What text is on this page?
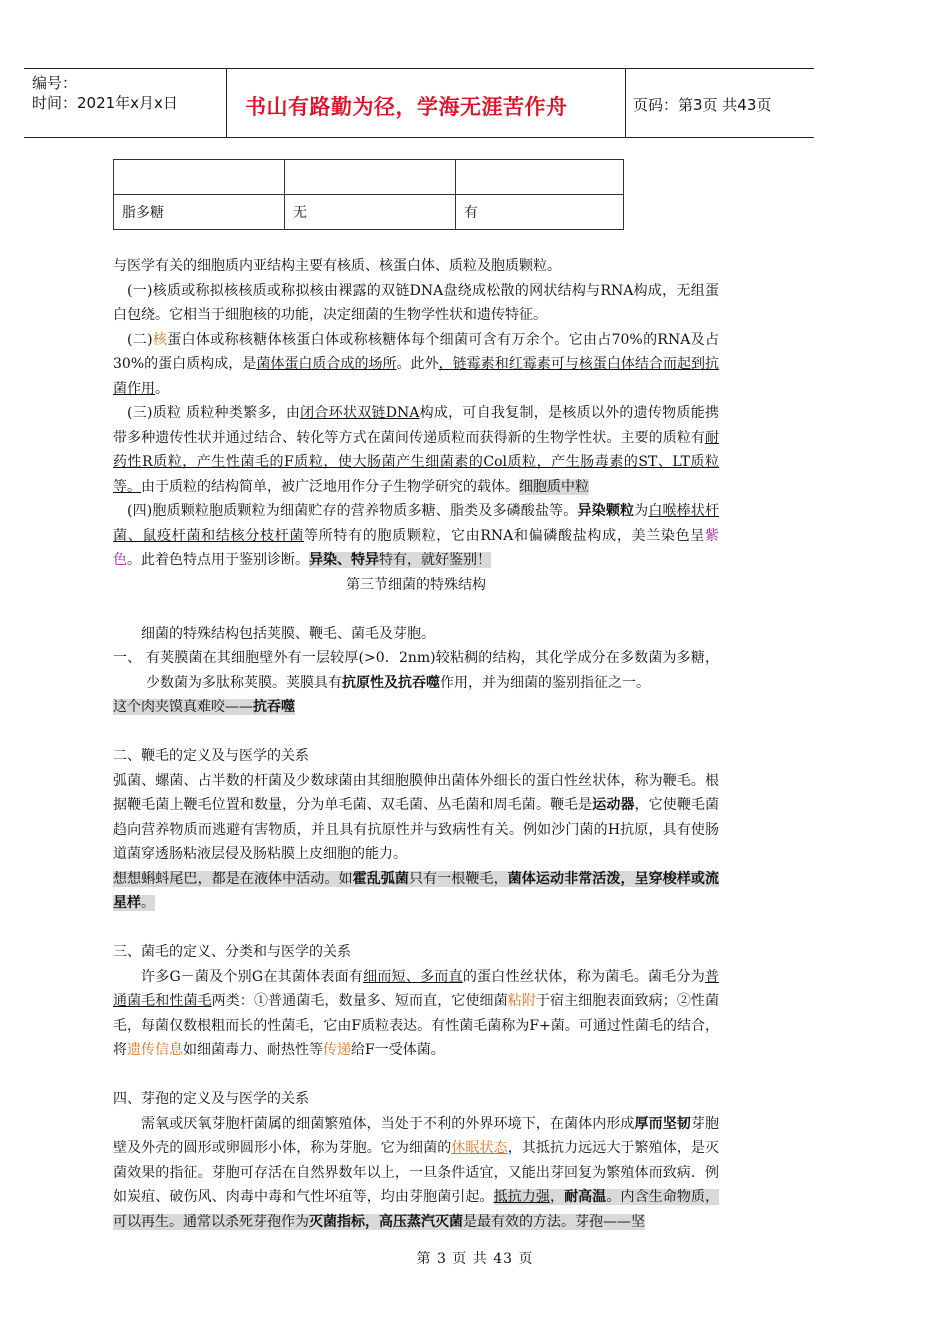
编号：
时间：2021年x月x日	书山有路勤为径，学海无涯苦作舟	页码：第3页 共43页

脂多糖	无	有

与医学有关的细胞质内亚结构主要有核质、核蛋白体、质粒及胞质颗粒。

(一)核质或称拟核核质或称拟核由裸露的双链DNA盘绕成松散的网状结构与RNA构成，无组蛋白包绕。它相当于细胞核的功能，决定细菌的生物学性状和遗传特征。

(二)核蛋白体或称核糖体核蛋白体或称核糖体每个细菌可含有万余个。它由占70%的RNA及占30%的蛋白质构成，是菌体蛋白质合成的场所。此外，链霉素和红霉素可与核蛋白体结合而起到抗菌作用。

(三)质粒 质粒种类繁多，由闭合环状双链DNA构成，可自我复制，是核质以外的遗传物质能携带多种遗传性状并通过结合、转化等方式在菌间传递质粒而获得新的生物学性状。主要的质粒有耐药性R质粒，产生性菌毛的F质粒，使大肠菌产生细菌素的Col质粒，产生肠毒素的ST、LT质粒等。由于质粒的结构简单，被广泛地用作分子生物学研究的载体。细胞质中粒

(四)胞质颗粒胞质颗粒为细菌贮存的营养物质多糖、脂类及多磷酸盐等。异染颗粒为白喉棒状杆菌、鼠疫杆菌和结核分枝杆菌等所特有的胞质颗粒，它由RNA和偏磷酸盐构成，美兰染色呈紫色。此着色特点用于鉴别诊断。异染、特异特有，就好鉴别！

第三节细菌的特殊结构

细菌的特殊结构包括荚膜、鞭毛、菌毛及芽胞。

一、 有荚膜菌在其细胞壁外有一层较厚(>0．2nm)较粘稠的结构，其化学成分在多数菌为多糖，少数菌为多肽称荚膜。荚膜具有抗原性及抗吞噬作用，并为细菌的鉴别指征之一。

这个肉夹馍真难咬——抗吞噬

二、鞭毛的定义及与医学的关系

弧菌、螺菌、占半数的杆菌及少数球菌由其细胞膜伸出菌体外细长的蛋白性丝状体，称为鞭毛。根据鞭毛菌上鞭毛位置和数量，分为单毛菌、双毛菌、丛毛菌和周毛菌。鞭毛是运动器，它使鞭毛菌趋向营养物质而逃避有害物质，并且具有抗原性并与致病性有关。例如沙门菌的H抗原，具有使肠道菌穿透肠粘液层侵及肠粘膜上皮细胞的能力。

想想蝌蚪尾巴，都是在液体中活动。如霍乱弧菌只有一根鞭毛，菌体运动非常活泼，呈穿梭样或流星样。

三、菌毛的定义、分类和与医学的关系

许多G－菌及个别G在其菌体表面有细而短、多而直的蛋白性丝状体，称为菌毛。菌毛分为普通菌毛和性菌毛两类：①普通菌毛，数量多、短而直，它使细菌粘附于宿主细胞表面致病；②性菌毛，每菌仅数根粗而长的性菌毛，它由F质粒表达。有性菌毛菌称为F+菌。可通过性菌毛的结合，将遗传信息如细菌毒力、耐热性等传递给F一受体菌。

四、芽孢的定义及与医学的关系

需氧或厌氧芽胞杆菌属的细菌繁殖体，当处于不利的外界环境下，在菌体内形成厚而坚韧芽胞壁及外壳的圆形或卵圆形小体，称为芽胞。它为细菌的休眠状态，其抵抗力远远大于繁殖体，是灭菌效果的指征。芽胞可存活在自然界数年以上，一旦条件适宜，又能出芽回复为繁殖体而致病．例如炭疽、破伤风、肉毒中毒和气性坏疽等，均由芽胞菌引起。抵抗力强，耐高温。内含生命物质，可以再生。通常以杀死芽孢作为灭菌指标，高压蒸汽灭菌是最有效的方法。芽孢——坚

第 3 页 共 43 页
